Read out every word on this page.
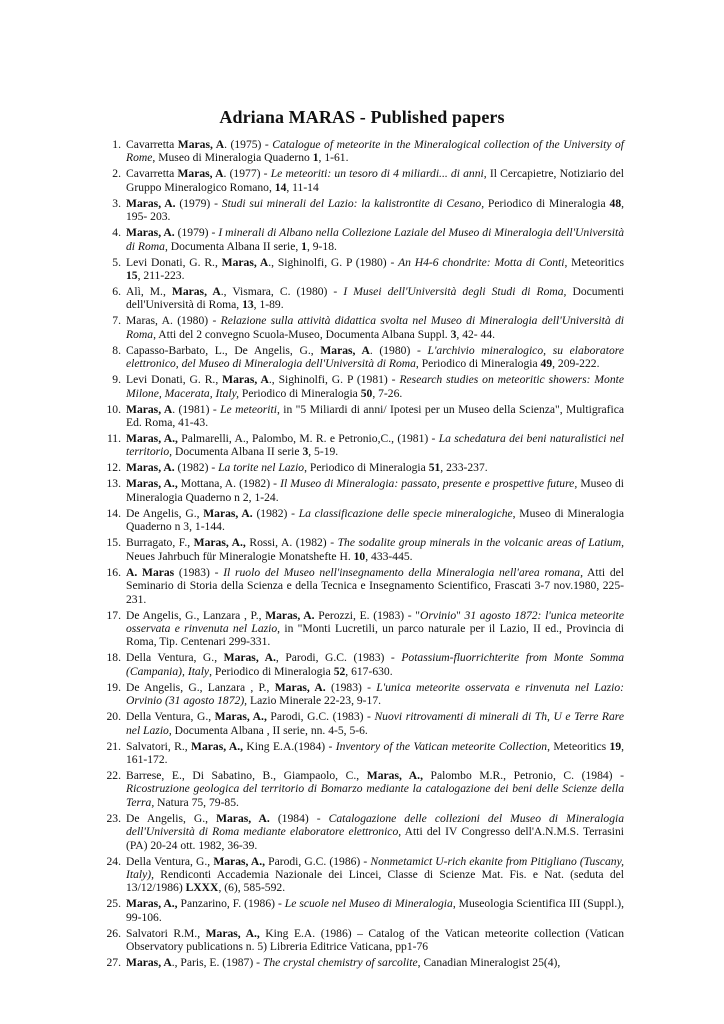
Adriana MARAS - Published papers
1. Cavarretta Maras, A. (1975) - Catalogue of meteorite in the Mineralogical collection of the University of Rome, Museo di Mineralogia Quaderno 1, 1-61.
2. Cavarretta Maras, A. (1977) - Le meteoriti: un tesoro di 4 miliardi... di anni, Il Cercapietre, Notiziario del Gruppo Mineralogico Romano, 14, 11-14
3. Maras, A. (1979) - Studi sui minerali del Lazio: la kalistrontite di Cesano, Periodico di Mineralogia 48, 195- 203.
4. Maras, A. (1979) - I minerali di Albano nella Collezione Laziale del Museo di Mineralogia dell'Università di Roma, Documenta Albana II serie, 1, 9-18.
5. Levi Donati, G. R., Maras, A., Sighinolfi, G. P (1980) - An H4-6 chondrite: Motta di Conti, Meteoritics 15, 211-223.
6. Alì, M., Maras, A., Vismara, C. (1980) - I Musei dell'Università degli Studi di Roma, Documenti dell'Università di Roma, 13, 1-89.
7. Maras, A. (1980) - Relazione sulla attività didattica svolta nel Museo di Mineralogia dell'Università di Roma, Atti del 2 convegno Scuola-Museo, Documenta Albana Suppl. 3, 42- 44.
8. Capasso-Barbato, L., De Angelis, G., Maras, A. (1980) - L'archivio mineralogico, su elaboratore elettronico, del Museo di Mineralogia dell'Università di Roma, Periodico di Mineralogia 49, 209-222.
9. Levi Donati, G. R., Maras, A., Sighinolfi, G. P (1981) - Research studies on meteoritic showers: Monte Milone, Macerata, Italy, Periodico di Mineralogia 50, 7-26.
10. Maras, A. (1981) - Le meteoriti, in "5 Miliardi di anni/ Ipotesi per un Museo della Scienza", Multigrafica Ed. Roma, 41-43.
11. Maras, A., Palmarelli, A., Palombo, M. R. e Petronio,C., (1981) - La schedatura dei beni naturalistici nel territorio, Documenta Albana II serie 3, 5-19.
12. Maras, A. (1982) - La torite nel Lazio, Periodico di Mineralogia 51, 233-237.
13. Maras, A., Mottana, A. (1982) - Il Museo di Mineralogia: passato, presente e prospettive future, Museo di Mineralogia Quaderno n 2, 1-24.
14. De Angelis, G., Maras, A. (1982) - La classificazione delle specie mineralogiche, Museo di Mineralogia Quaderno n 3, 1-144.
15. Burragato, F., Maras, A., Rossi, A. (1982) - The sodalite group minerals in the volcanic areas of Latium, Neues Jahrbuch für Mineralogie Monatshefte H. 10, 433-445.
16. A. Maras (1983) - Il ruolo del Museo nell'insegnamento della Mineralogia nell'area romana, Atti del Seminario di Storia della Scienza e della Tecnica e Insegnamento Scientifico, Frascati 3-7 nov.1980, 225-231.
17. De Angelis, G., Lanzara , P., Maras, A. Perozzi, E. (1983) - "Orvinio" 31 agosto 1872: l'unica meteorite osservata e rinvenuta nel Lazio, in "Monti Lucretili, un parco naturale per il Lazio, II ed., Provincia di Roma, Tip. Centenari 299-331.
18. Della Ventura, G., Maras, A., Parodi, G.C. (1983) - Potassium-fluorrichterite from Monte Somma (Campania), Italy, Periodico di Mineralogia 52, 617-630.
19. De Angelis, G., Lanzara , P., Maras, A. (1983) - L'unica meteorite osservata e rinvenuta nel Lazio: Orvinio (31 agosto 1872), Lazio Minerale 22-23, 9-17.
20. Della Ventura, G., Maras, A., Parodi, G.C. (1983) - Nuovi ritrovamenti di minerali di Th, U e Terre Rare nel Lazio, Documenta Albana , II serie, nn. 4-5, 5-6.
21. Salvatori, R., Maras, A., King E.A.(1984) - Inventory of the Vatican meteorite Collection, Meteoritics 19, 161-172.
22. Barrese, E., Di Sabatino, B., Giampaolo, C., Maras, A., Palombo M.R., Petronio, C. (1984) - Ricostruzione geologica del territorio di Bomarzo mediante la catalogazione dei beni delle Scienze della Terra, Natura 75, 79-85.
23. De Angelis, G., Maras, A. (1984) - Catalogazione delle collezioni del Museo di Mineralogia dell'Università di Roma mediante elaboratore elettronico, Atti del IV Congresso dell'A.N.M.S. Terrasini (PA) 20-24 ott. 1982, 36-39.
24. Della Ventura, G., Maras, A., Parodi, G.C. (1986) - Nonmetamict U-rich ekanite from Pitigliano (Tuscany, Italy), Rendiconti Accademia Nazionale dei Lincei, Classe di Scienze Mat. Fis. e Nat. (seduta del 13/12/1986) LXXX, (6), 585-592.
25. Maras, A., Panzarino, F. (1986) - Le scuole nel Museo di Mineralogia, Museologia Scientifica III (Suppl.), 99-106.
26. Salvatori R.M., Maras, A., King E.A. (1986) – Catalog of the Vatican meteorite collection (Vatican Observatory publications n. 5) Libreria Editrice Vaticana, pp1-76
27. Maras, A., Paris, E. (1987) - The crystal chemistry of sarcolite, Canadian Mineralogist 25(4),
